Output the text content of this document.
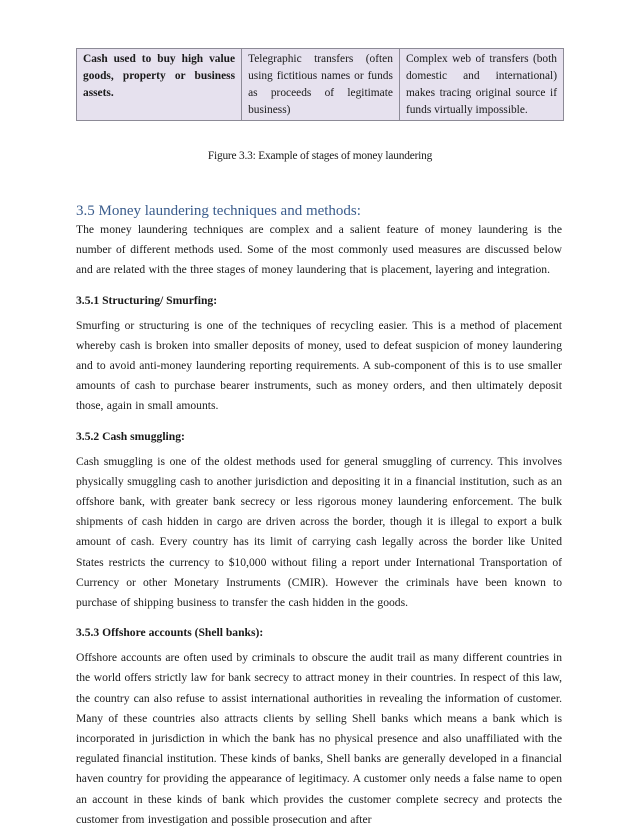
Cash used to buy high value goods, property or business assets.	Telegraphic transfers (often using fictitious names or funds as proceeds of legitimate business)	Complex web of transfers (both domestic and international) makes tracing original source if funds virtually impossible.
Figure 3.3: Example of stages of money laundering
3.5 Money laundering techniques and methods:

The money laundering techniques are complex and a salient feature of money laundering is the number of different methods used. Some of the most commonly used measures are discussed below and are related with the three stages of money laundering that is placement, layering and integration.

3.5.1 Structuring/ Smurfing:

Smurfing or structuring is one of the techniques of recycling easier. This is a method of placement whereby cash is broken into smaller deposits of money, used to defeat suspicion of money laundering and to avoid anti-money laundering reporting requirements. A sub-component of this is to use smaller amounts of cash to purchase bearer instruments, such as money orders, and then ultimately deposit those, again in small amounts.

3.5.2 Cash smuggling:

Cash smuggling is one of the oldest methods used for general smuggling of currency. This involves physically smuggling cash to another jurisdiction and depositing it in a financial institution, such as an offshore bank, with greater bank secrecy or less rigorous money laundering enforcement. The bulk shipments of cash hidden in cargo are driven across the border, though it is illegal to export a bulk amount of cash. Every country has its limit of carrying cash legally across the border like United States restricts the currency to $10,000 without filing a report under International Transportation of Currency or other Monetary Instruments (CMIR). However the criminals have been known to purchase of shipping business to transfer the cash hidden in the goods.

3.5.3 Offshore accounts (Shell banks):

Offshore accounts are often used by criminals to obscure the audit trail as many different countries in the world offers strictly law for bank secrecy to attract money in their countries. In respect of this law, the country can also refuse to assist international authorities in revealing the information of customer. Many of these countries also attracts clients by selling Shell banks which means a bank which is incorporated in jurisdiction in which the bank has no physical presence and also unaffiliated with the regulated financial institution. These kinds of banks, Shell banks are generally developed in a financial haven country for providing the appearance of legitimacy. A customer only needs a false name to open an account in these kinds of bank which provides the customer complete secrecy and protects the customer from investigation and possible prosecution and after
